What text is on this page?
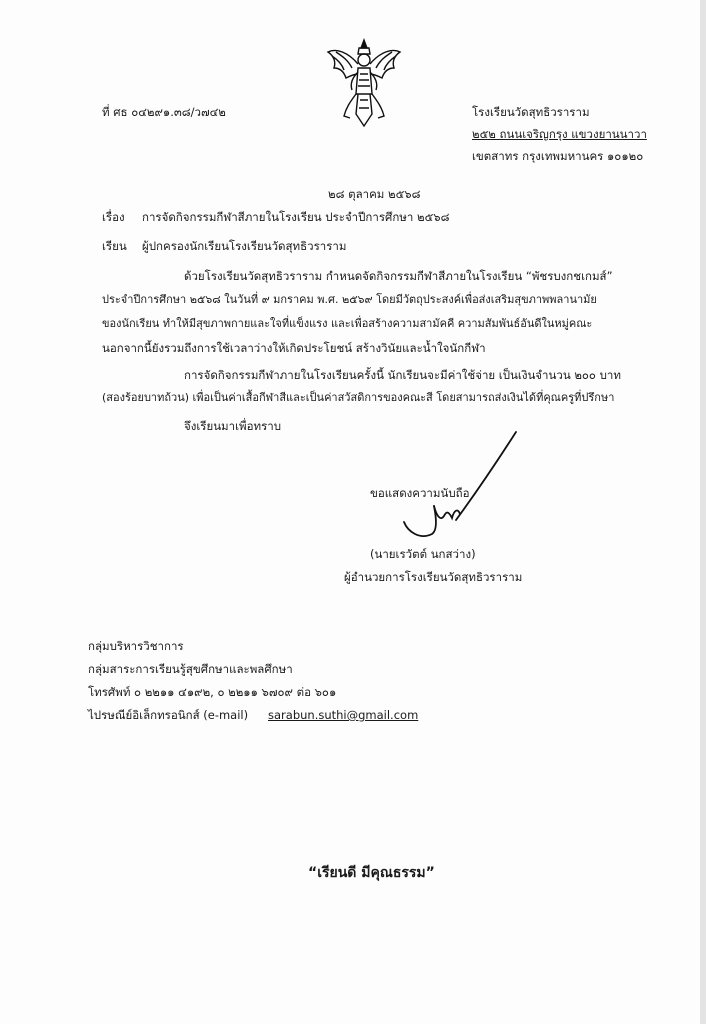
ที่ ศธ ๐๔๒๙๑.๓๘/ว๗๔๒	โรงเรียนวัดสุทธิวราราม
๒๕๒ ถนนเจริญกรุง แขวงยานนาวา
เขตสาทร กรุงเทพมหานคร ๑๐๑๒๐
๒๘ ตุลาคม ๒๕๖๘
เรื่อง การจัดกิจกรรมกีฬาสีภายในโรงเรียน ประจำปีการศึกษา ๒๕๖๘
เรียน ผู้ปกครองนักเรียนโรงเรียนวัดสุทธิวราราม
ด้วยโรงเรียนวัดสุทธิวราราม กำหนดจัดกิจกรรมกีฬาสีภายในโรงเรียน “พัชรบงกชเกมส์”
ประจำปีการศึกษา ๒๕๖๘ ในวันที่ ๙ มกราคม พ.ศ. ๒๕๖๙ โดยมีวัตถุประสงค์เพื่อส่งเสริมสุขภาพพลานามัย
ของนักเรียน ทำให้มีสุขภาพกายและใจที่แข็งแรง และเพื่อสร้างความสามัคคี ความสัมพันธ์อันดีในหมู่คณะ
นอกจากนี้ยังรวมถึงการใช้เวลาว่างให้เกิดประโยชน์ สร้างวินัยและน้ำใจนักกีฬา
การจัดกิจกรรมกีฬาภายในโรงเรียนครั้งนี้ นักเรียนจะมีค่าใช้จ่าย เป็นเงินจำนวน ๒๐๐ บาท
(สองร้อยบาทถ้วน) เพื่อเป็นค่าเสื้อกีฬาสีและเป็นค่าสวัสดิการของคณะสี โดยสามารถส่งเงินได้ที่คุณครูที่ปรึกษา
จึงเรียนมาเพื่อทราบ
ขอแสดงความนับถือ
(นายเรวัตต์ นกสว่าง)
ผู้อำนวยการโรงเรียนวัดสุทธิวราราม
กลุ่มบริหารวิชาการ
กลุ่มสาระการเรียนรู้สุขศึกษาและพลศึกษา
โทรศัพท์ ๐ ๒๒๑๑ ๔๑๙๒, ๐ ๒๒๑๑ ๖๗๐๙ ต่อ ๖๐๑
ไปรษณีย์อิเล็กทรอนิกส์ (e-mail) sarabun.suthi@gmail.com
“เรียนดี มีคุณธรรม”
